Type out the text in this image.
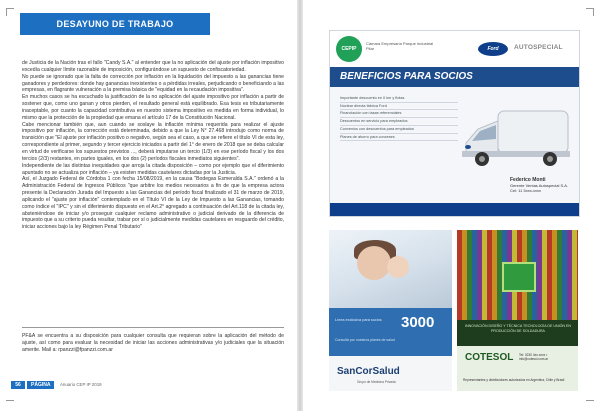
DESAYUNO DE TRABAJO

de Justicia de la Nación tras el fallo "Candy S.A." al entender que la no aplicación del ajuste por inflación impositivo excedía cualquier límite razonable de imposición, configurándose un supuesto de confiscatoriedad.

No puede se ignorado que la falta de corrección por inflación en la liquidación del impuesto a las ganancias tiene ganadores y perdedores: donde hay ganancias inexistentes o a pérdidas irreales, perjudicando o beneficiando a las empresas, en flagrante vulneración a la premisa básica de "equidad en la recaudación impositiva".

En muchos casos se ha escuchado la justificación de la no aplicación del ajuste impositivo por inflación a partir de sostener que, como uno ganan y otros pierden, el resultado general está equilibrado. Esa tesis es tributariamente inaceptable, por cuanto la capacidad contributiva en nuestro sistema impositivo es medida en forma individual, lo mismo que la protección de la propiedad que emana el artículo 17 de la Constitución Nacional.

Cabe mencionar también que, aun cuando se soslaye la inflación mínima requerida para realizar el ajuste impositivo por inflación, la corrección está determinada, debido a que la Ley N° 27.468 introdujo como norma de transición que "El ajuste por inflación positivo o negativo, según sea el caso, a que se refiere el título VI de esta ley, correspondiente al primer, segundo y tercer ejercicio iniciados a partir del 1° de enero de 2018 que se deba calcular en virtud de verificarse los supuestos previstos ..., deberá imputarse un tercio (1/3) en ese período fiscal y los dos tercios (2/3) restantes, en partes iguales, en los dos (2) períodos fiscales inmediatos siguientes".

Independiente de las distintas inequidades que arroja la citada disposición – como por ejemplo que el diferimiento apuntado no se actualiza por inflación – ya existen medidas cautelares dictadas por la Justicia.

Así, el Juzgado Federal de Córdoba 1 con fecha 15/08/2019, en la causa "Bodegas Esmeralda S.A." ordenó a la Administración Federal de Ingresos Públicos "que arbitre los medios necesarios a fin de que la empresa actora presente la Declaración Jurada del Impuesto a las Ganancias del período fiscal finalizado el 31 de marzo de 2019, aplicando el "ajuste por inflación" contemplado en el Título VI de la Ley de Impuesto a las Ganancias, tomando como índice el "IPC" y sin el diferimiento dispuesto en el Art.2° agregado a continuación del Art.118 de la citada ley, absteniéndose de iniciar y/o proseguir cualquier reclamo administrativo o judicial derivado de la diferencia de impuesto que a su criterio pueda resultar, trabar por sí o judicialmente medidas cautelares en resguardo del crédito, iniciar acciones bajo la ley Régimen Penal Tributario"

PF&A se encuentra a su disposición para cualquier consulta que requieran sobre la aplicación del método de ajuste, así como para evaluar la necesidad de iniciar las acciones administrativas y/o judiciales que la situación amerite. Mail a: rpanzzi@fpanzzi.com.ar
56	PÁGINA	Anuario CEP IP 2019
CEPIP
Cámara Empresaria Parque Industrial Pilar	Ford	AUTOSPECIAL
BENEFICIOS PARA SOCIOS
Importante descuento en 0 km y flotas
Nuclear directa fábrica Ford
Financiación con tasas referenciales
Descuentos en servicio para empleados
Convenios con descuentos para empleados
Planes de ahorro para conceses
Federico Monti
Gerente Ventas Autospecial S.A.
Cel: 11 5xxx-xxxx
Línea exclusiva para socios	3000
Consultá por nuestros planes de salud
SanCorSalud
Grupo de Medicina Privada
INNOVACIÓN DISEÑO Y TÉCNICA TECNOLOGÍA DE UNIÓN EN PRODUCCIÓN DE SOLDADURA
COTESOL Tel: 0230 4xx-xxxx • info@cotesol.com.ar
Representantes y distribuidores autorizados en Argentina, Chile y Brasil
